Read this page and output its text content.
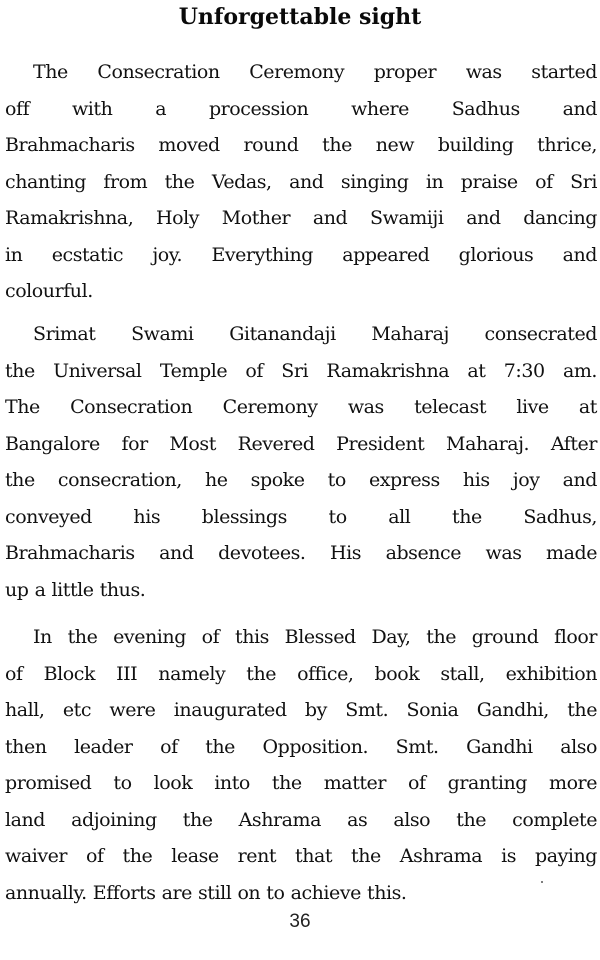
Unforgettable sight
The Consecration Ceremony proper was started
off with a procession where Sadhus and
Brahmacharis moved round the new building thrice,
chanting from the Vedas, and singing in praise of Sri
Ramakrishna, Holy Mother and Swamiji and dancing
in ecstatic joy. Everything appeared glorious and
colourful.
Srimat Swami Gitanandaji Maharaj consecrated
the Universal Temple of Sri Ramakrishna at 7:30 am.
The Consecration Ceremony was telecast live at
Bangalore for Most Revered President Maharaj. After
the consecration, he spoke to express his joy and
conveyed his blessings to all the Sadhus,
Brahmacharis and devotees. His absence was made
up a little thus.
In the evening of this Blessed Day, the ground floor
of Block III namely the office, book stall, exhibition
hall, etc were inaugurated by Smt. Sonia Gandhi, the
then leader of the Opposition. Smt. Gandhi also
promised to look into the matter of granting more
land adjoining the Ashrama as also the complete
waiver of the lease rent that the Ashrama is paying
annually. Efforts are still on to achieve this.
36
